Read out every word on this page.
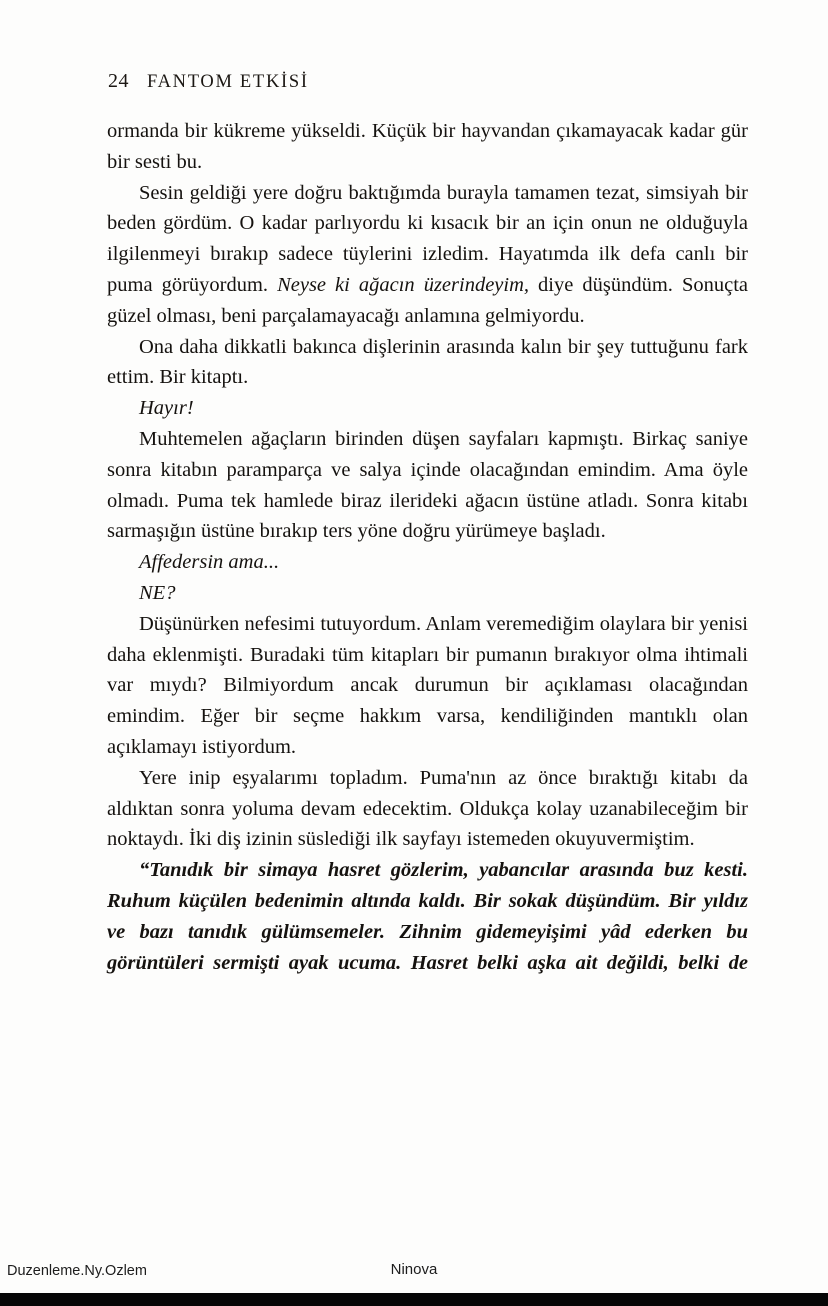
24 FANTOM ETKİSİ

ormanda bir kükreme yükseldi. Küçük bir hayvandan çıkamayacak kadar gür bir sesti bu.

Sesin geldiği yere doğru baktığımda burayla tamamen tezat, simsiyah bir beden gördüm. O kadar parlıyordu ki kısacık bir an için onun ne olduğuyla ilgilenmeyi bırakıp sadece tüylerini izledim. Hayatımda ilk defa canlı bir puma görüyordum. Neyse ki ağacın üzerindeyim, diye düşündüm. Sonuçta güzel olması, beni parçalamayacağı anlamına gelmiyordu.

Ona daha dikkatli bakınca dişlerinin arasında kalın bir şey tuttuğunu fark ettim. Bir kitaptı.

Hayır!

Muhtemelen ağaçların birinden düşen sayfaları kapmıştı. Birkaç saniye sonra kitabın paramparça ve salya içinde olacağından emindim. Ama öyle olmadı. Puma tek hamlede biraz ilerideki ağacın üstüne atladı. Sonra kitabı sarmaşığın üstüne bırakıp ters yöne doğru yürümeye başladı.

Affedersin ama...

NE?

Düşünürken nefesimi tutuyordum. Anlam veremediğim olaylara bir yenisi daha eklenmişti. Buradaki tüm kitapları bir pumanın bırakıyor olma ihtimali var mıydı? Bilmiyordum ancak durumun bir açıklaması olacağından emindim. Eğer bir seçme hakkım varsa, kendiliğinden mantıklı olan açıklamayı istiyordum.

Yere inip eşyalarımı topladım. Puma'nın az önce bıraktığı kitabı da aldıktan sonra yoluma devam edecektim. Oldukça kolay uzanabileceğim bir noktaydı. İki diş izinin süslediği ilk sayfayı istemeden okuyuvermiştim.

“Tanıdık bir simaya hasret gözlerim, yabancılar arasında buz kesti. Ruhum küçülen bedenimin altında kaldı. Bir sokak düşündüm. Bir yıldız ve bazı tanıdık gülümsemeler. Zihnim gidemeyişimi yâd ederken bu görüntüleri sermişti ayak ucuma. Hasret belki aşka ait değildi, belki de

Duzenleme.Ny.Ozlem	Ninova
